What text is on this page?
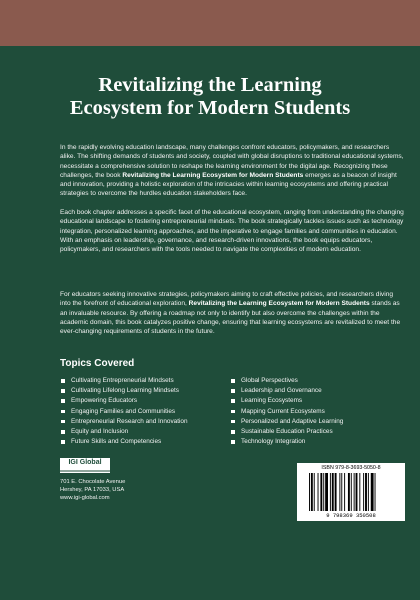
Revitalizing the Learning
Ecosystem for Modern Students

In the rapidly evolving education landscape, many challenges confront educators, policymakers, and researchers alike. The shifting demands of students and society, coupled with global disruptions to traditional educational systems, necessitate a comprehensive solution to reshape the learning environment for the digital age. Recognizing these challenges, the book Revitalizing the Learning Ecosystem for Modern Students emerges as a beacon of insight and innovation, providing a holistic exploration of the intricacies within learning ecosystems and offering practical strategies to overcome the hurdles education stakeholders face.

Each book chapter addresses a specific facet of the educational ecosystem, ranging from understanding the changing educational landscape to fostering entrepreneurial mindsets. The book strategically tackles issues such as technology integration, personalized learning approaches, and the imperative to engage families and communities in education. With an emphasis on leadership, governance, and research-driven innovations, the book equips educators, policymakers, and researchers with the tools needed to navigate the complexities of modern education.

For educators seeking innovative strategies, policymakers aiming to craft effective policies, and researchers diving into the forefront of educational exploration, Revitalizing the Learning Ecosystem for Modern Students stands as an invaluable resource. By offering a roadmap not only to identify but also overcome the challenges within the academic domain, this book catalyzes positive change, ensuring that learning ecosystems are revitalized to meet the ever-changing requirements of students in the future.

Topics Covered
Cultivating Entrepreneurial Mindsets
Cultivating Lifelong Learning Mindsets
Empowering Educators
Engaging Families and Communities
Entrepreneurial Research and Innovation
Equity and Inclusion
Future Skills and Competencies
Global Perspectives
Leadership and Governance
Learning Ecosystems
Mapping Current Ecosystems
Personalized and Adaptive Learning
Sustainable Education Practices
Technology Integration
IGI Global

701 E. Chocolate Avenue
Hershey, PA 17033, USA
www.igi-global.com

ISBN 979-8-3693-5050-8
9 798369 350508
